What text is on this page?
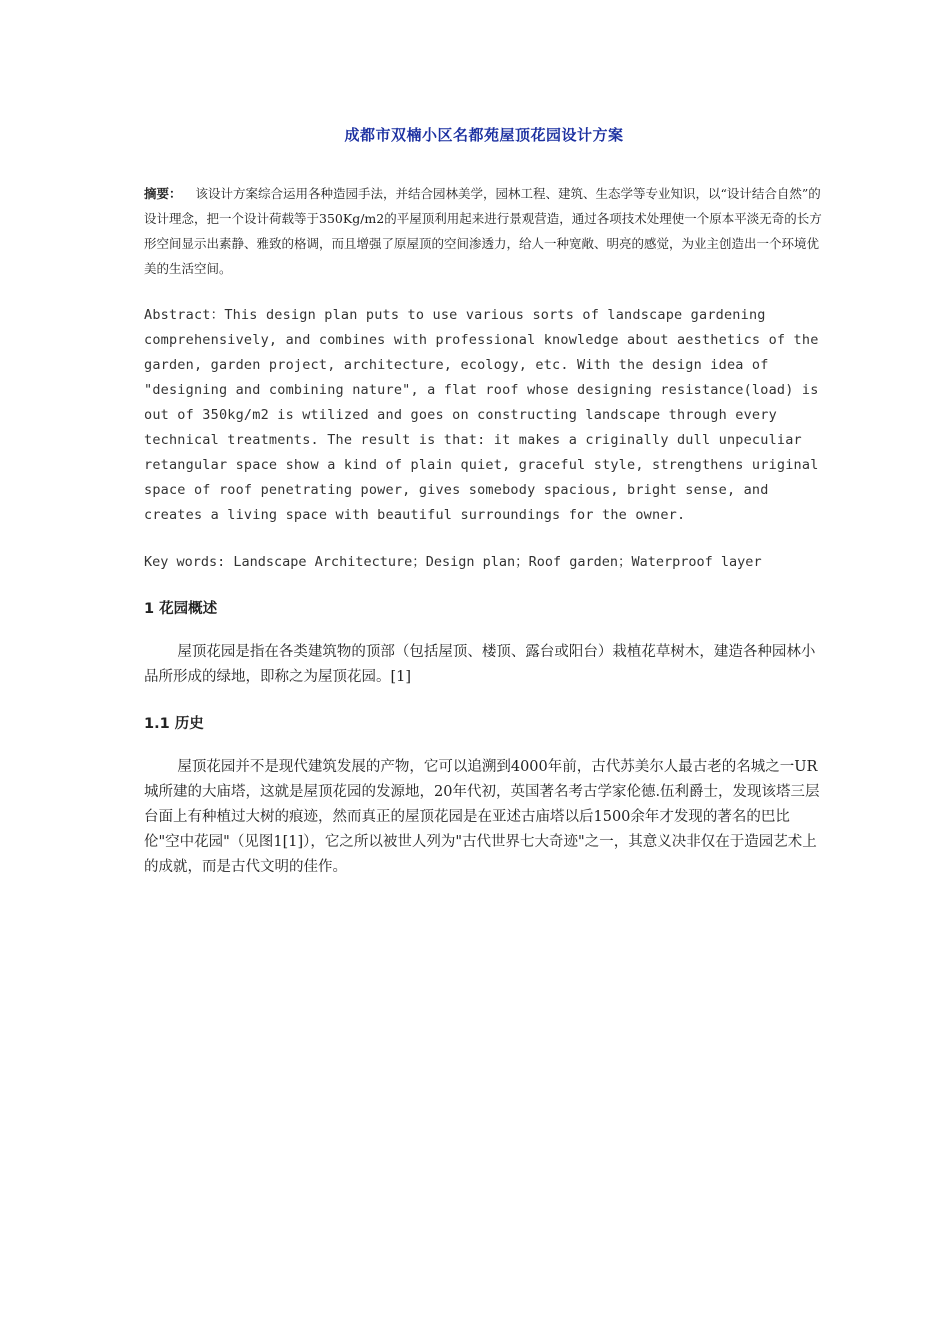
成都市双楠小区名都苑屋顶花园设计方案

摘要： 该设计方案综合运用各种造园手法，并结合园林美学，园林工程、建筑、生态学等专业知识，以“设计结合自然”的设计理念，把一个设计荷载等于350Kg/m2的平屋顶利用起来进行景观营造，通过各项技术处理使一个原本平淡无奇的长方形空间显示出素静、雅致的格调，而且增强了原屋顶的空间渗透力，给人一种宽敞、明亮的感觉，为业主创造出一个环境优美的生活空间。

Abstract：This design plan puts to use various sorts of landscape gardening comprehensively, and combines with professional knowledge about aesthetics of the garden, garden project, architecture, ecology, etc. With the design idea of "designing and combining nature", a flat roof whose designing resistance(load) is out of 350kg/m2 is wtilized and goes on constructing landscape through every technical treatments. The result is that: it makes a criginally dull unpeculiar retangular space show a kind of plain quiet, graceful style, strengthens uriginal space of roof penetrating power, gives somebody spacious, bright sense, and creates a living space with beautiful surroundings for the owner.

Key words: Landscape Architecture；Design plan；Roof garden；Waterproof layer

1 花园概述

屋顶花园是指在各类建筑物的顶部（包括屋顶、楼顶、露台或阳台）栽植花草树木，建造各种园林小品所形成的绿地，即称之为屋顶花园。[1]

1.1 历史

屋顶花园并不是现代建筑发展的产物，它可以追溯到4000年前，古代苏美尔人最古老的名城之一UR城所建的大庙塔，这就是屋顶花园的发源地，20年代初，英国著名考古学家伦德.伍利爵士，发现该塔三层台面上有种植过大树的痕迹，然而真正的屋顶花园是在亚述古庙塔以后1500余年才发现的著名的巴比伦"空中花园"（见图1[1]），它之所以被世人列为"古代世界七大奇迹"之一，其意义决非仅在于造园艺术上的成就，而是古代文明的佳作。
